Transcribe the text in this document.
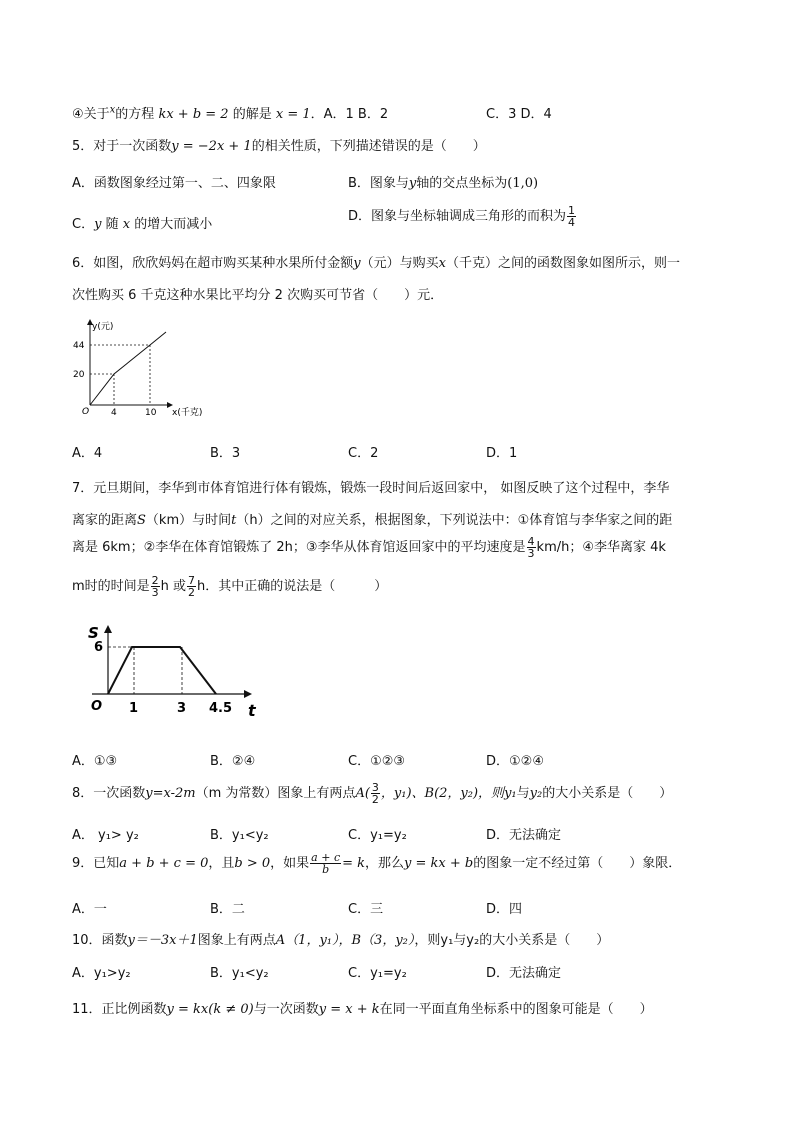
④关于$^x$的方程 kx + b = 2 的解是 x = 1．A．1 B．2	C．3 D．4
5．对于一次函数y = −2x + 1的相关性质，下列描述错误的是（　　）
A．函数图象经过第一、二、四象限	B．图象与y轴的交点坐标为(1,0)
C．y 随 x 的增大而减小
D．图象与坐标轴调成三角形的而积为 $\frac{1}{4}$
6．如图，欣欣妈妈在超市购买某种水果所付金额y（元）与购买x（千克）之间的函数图象如图所示，则一
次性购买 6 千克这种水果比平均分 2 次购买可节省（　　）元．
y(元)
44
20
O 4	10 x(千克)
A．4	B．3	C．2	D．1
7．元旦期间，李华到市体育馆进行体有锻炼，锻炼一段时间后返回家中， 如图反映了这个过程中，李华
离家的距离S（km）与时间t（h）之间的对应关系，根据图象，下列说法中：①体育馆与李华家之间的距
离是 6km；②李华在体育馆锻炼了 2h；③李华从体育馆返回家中的平均速度是 $\frac{4}{3} km/h$；④李华离家 4k
m时的时间是 $\frac{2}{3}$ h 或 $\frac{7}{2}$ h．其中正确的说法是（　　　）
S
6
O 1	3 4.5 t
A．①③	B．②④	C．①②③	D．①②④
8．一次函数y=x-2m（m 为常数）图象上有两点$A( \frac{3}{2}$ ，y₁)、B(2，y₂)，则y₁与y₂的大小关系是（　　）
A． y₁> y₂	B．y₁<y₂	C．y₁=y₂	D．无法确定
9．已知a + b + c = 0，且b > 0，如果 $\frac{a + c}{b} = k$，那么y = kx + b的图象一定不经过第（　　）象限．
A．一	B．二	C．三	D．四
10．函数y＝－3x＋1图象上有两点A（1，y₁），B（3，y₂），则y₁与y₂的大小关系是（　　）
A．y₁>y₂	B．y₁<y₂	C．y₁=y₂	D．无法确定
11．正比例函数y = kx(k ≠ 0)与一次函数y = x + k在同一平面直角坐标系中的图象可能是（　　）
